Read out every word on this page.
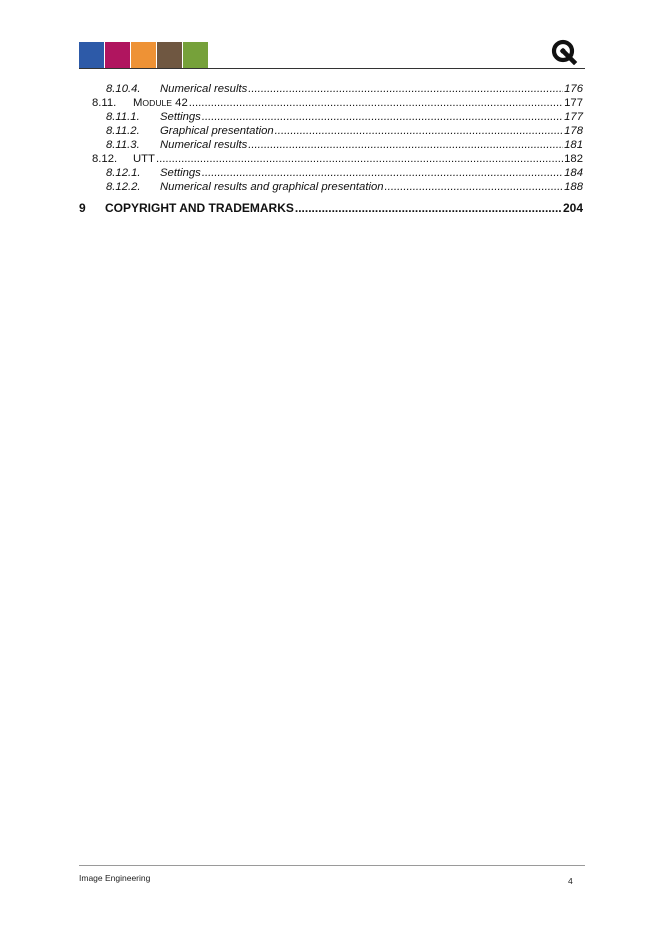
8.10.4.	Numerical results .....	176
8.11.	MODULE 42 .....	177
8.11.1.	Settings .....	177
8.11.2.	Graphical presentation .....	178
8.11.3.	Numerical results .....	181
8.12.	UTT .....	182
8.12.1.	Settings .....	184
8.12.2.	Numerical results and graphical presentation .....	188
9	COPYRIGHT AND TRADEMARKS .....	204
Image Engineering	4
